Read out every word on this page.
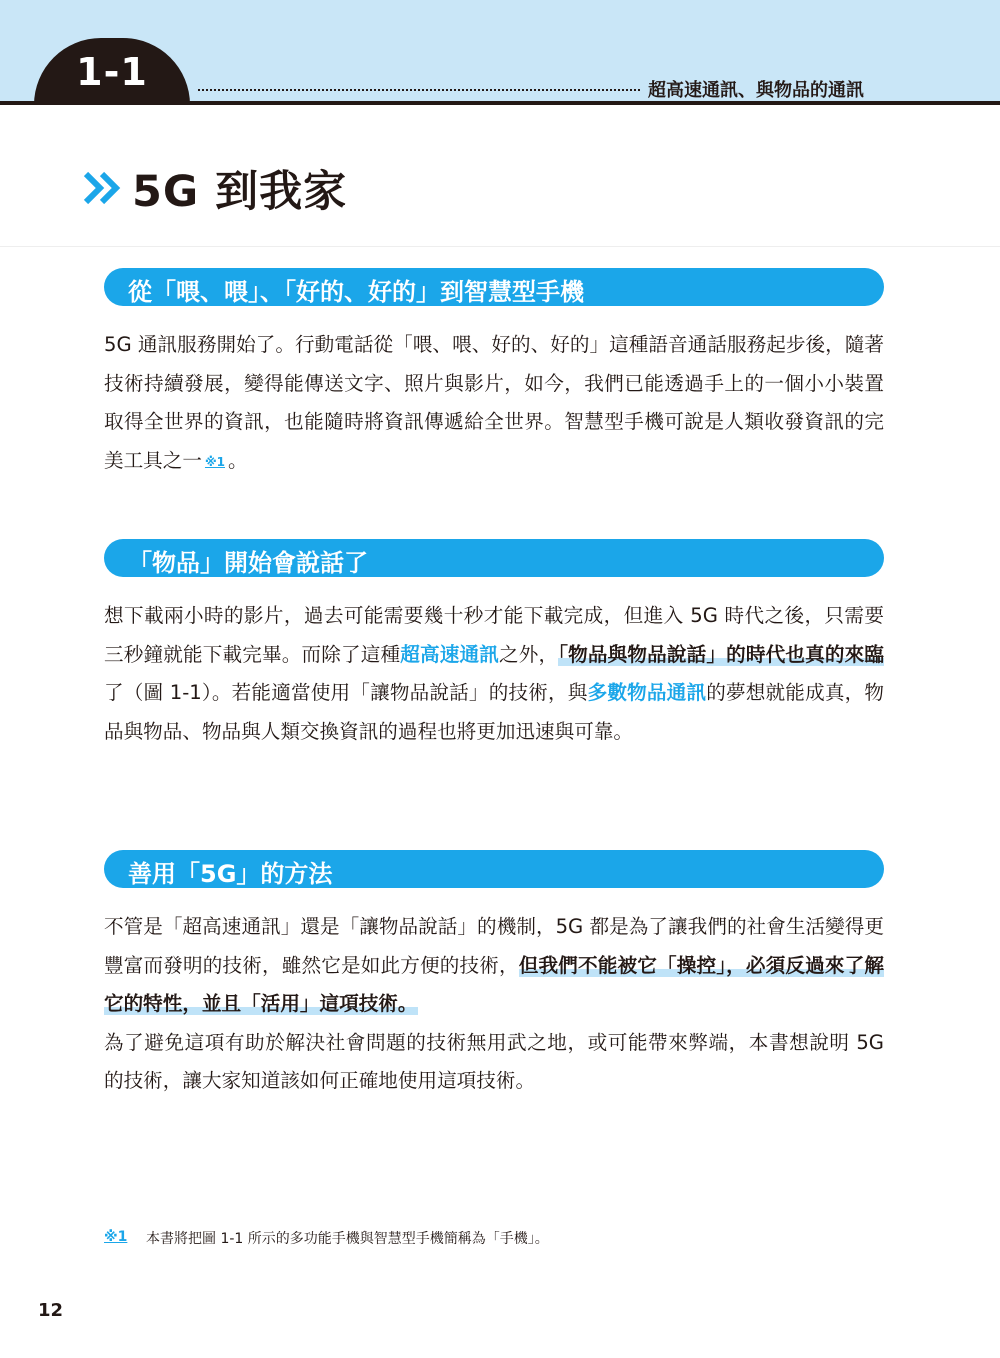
1-1	超高速通訊、與物品的通訊
5G 到我家
從「喂、喂」、「好的、好的」到智慧型手機

5G 通訊服務開始了。行動電話從「喂、喂、好的、好的」這種語音通話服務起步後，隨著技術持續發展，變得能傳送文字、照片與影片，如今，我們已能透過手上的一個小小裝置取得全世界的資訊，也能隨時將資訊傳遞給全世界。智慧型手機可說是人類收發資訊的完美工具之一 ※1 。

「物品」開始會說話了

想下載兩小時的影片，過去可能需要幾十秒才能下載完成，但進入 5G 時代之後，只需要三秒鐘就能下載完畢。而除了這種超高速通訊之外，「物品與物品說話」的時代也真的來臨了（圖 1-1）。若能適當使用「讓物品說話」的技術，與多數物品通訊的夢想就能成真，物品與物品、物品與人類交換資訊的過程也將更加迅速與可靠。

善用「5G」的方法

不管是「超高速通訊」還是「讓物品說話」的機制，5G 都是為了讓我們的社會生活變得更豐富而發明的技術，雖然它是如此方便的技術，但我們不能被它「操控」，必須反過來了解它的特性，並且「活用」這項技術。

為了避免這項有助於解決社會問題的技術無用武之地，或可能帶來弊端，本書想說明 5G 的技術，讓大家知道該如何正確地使用這項技術。

※1 本書將把圖 1-1 所示的多功能手機與智慧型手機簡稱為「手機」。
12
